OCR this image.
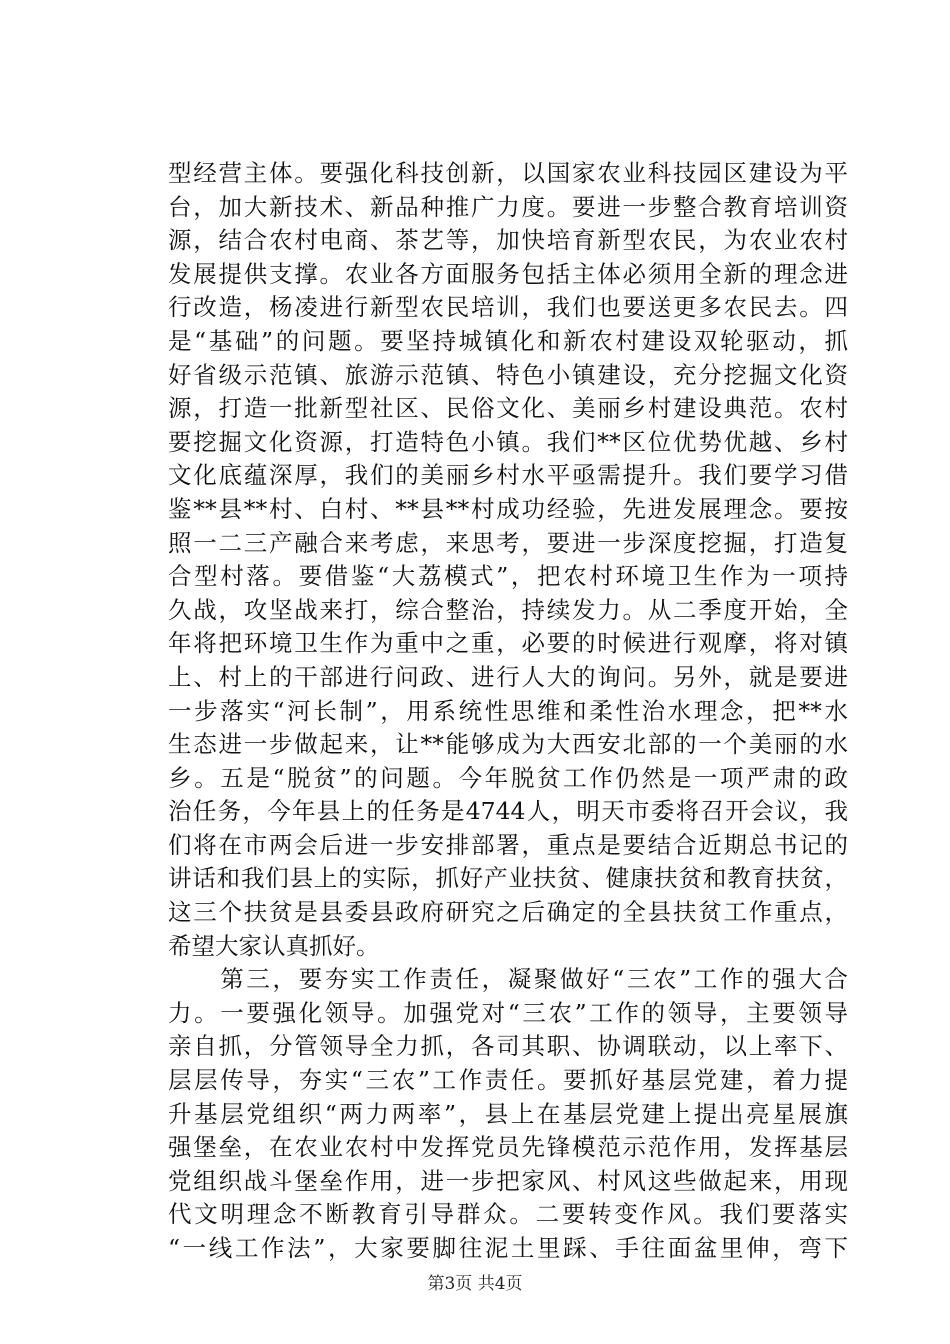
型经营主体。要强化科技创新，以国家农业科技园区建设为平
台，加大新技术、新品种推广力度。要进一步整合教育培训资
源，结合农村电商、茶艺等，加快培育新型农民，为农业农村
发展提供支撑。农业各方面服务包括主体必须用全新的理念进
行改造，杨凌进行新型农民培训，我们也要送更多农民去。四
是“基础”的问题。要坚持城镇化和新农村建设双轮驱动，抓
好省级示范镇、旅游示范镇、特色小镇建设，充分挖掘文化资
源，打造一批新型社区、民俗文化、美丽乡村建设典范。农村
要挖掘文化资源，打造特色小镇。我们**区位优势优越、乡村
文化底蕴深厚，我们的美丽乡村水平亟需提升。我们要学习借
鉴**县**村、白村、**县**村成功经验，先进发展理念。要按
照一二三产融合来考虑，来思考，要进一步深度挖掘，打造复
合型村落。要借鉴“大荔模式”，把农村环境卫生作为一项持
久战，攻坚战来打，综合整治，持续发力。从二季度开始，全
年将把环境卫生作为重中之重，必要的时候进行观摩，将对镇
上、村上的干部进行问政、进行人大的询问。另外，就是要进
一步落实“河长制”，用系统性思维和柔性治水理念，把**水
生态进一步做起来，让**能够成为大西安北部的一个美丽的水
乡。五是“脱贫”的问题。今年脱贫工作仍然是一项严肃的政
治任务，今年县上的任务是4744人，明天市委将召开会议，我
们将在市两会后进一步安排部署，重点是要结合近期总书记的
讲话和我们县上的实际，抓好产业扶贫、健康扶贫和教育扶贫，
这三个扶贫是县委县政府研究之后确定的全县扶贫工作重点，
希望大家认真抓好。
　　第三，要夯实工作责任，凝聚做好“三农”工作的强大合
力。一要强化领导。加强党对“三农”工作的领导，主要领导
亲自抓，分管领导全力抓，各司其职、协调联动，以上率下、
层层传导，夯实“三农”工作责任。要抓好基层党建，着力提
升基层党组织“两力两率”，县上在基层党建上提出亮星展旗
强堡垒，在农业农村中发挥党员先锋模范示范作用，发挥基层
党组织战斗堡垒作用，进一步把家风、村风这些做起来，用现
代文明理念不断教育引导群众。二要转变作风。我们要落实
“一线工作法”，大家要脚往泥土里踩、手往面盆里伸，弯下
第3页 共4页
